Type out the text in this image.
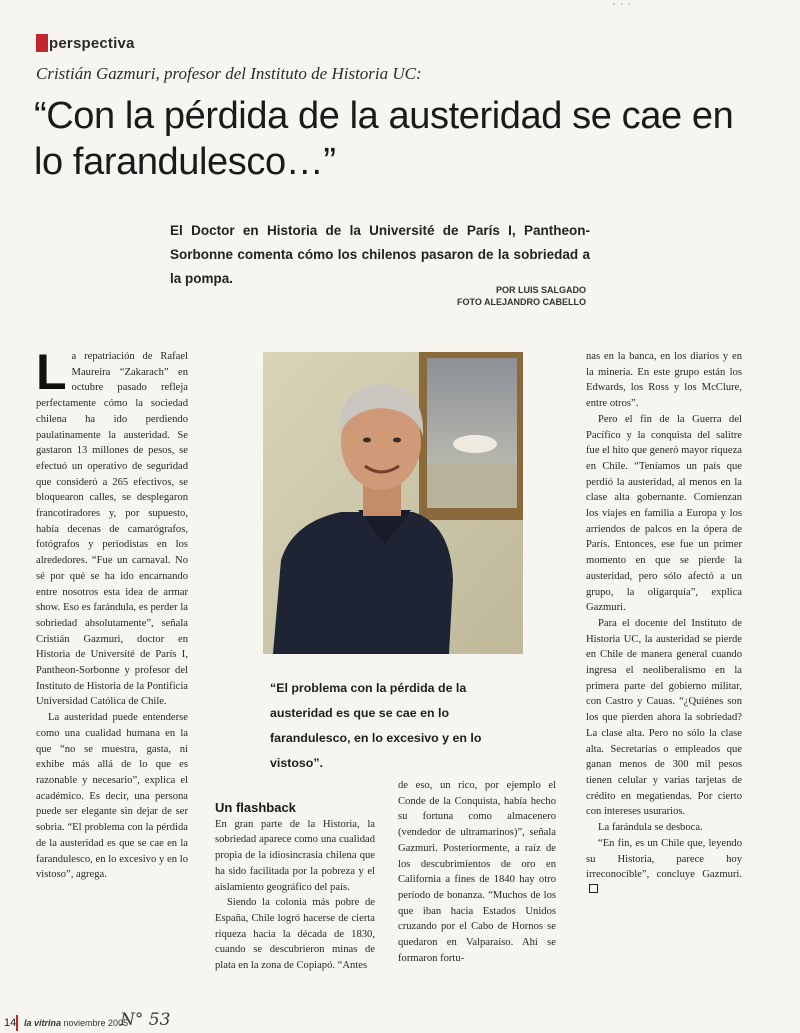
perspectiva
...
Cristián Gazmuri, profesor del Instituto de Historia UC:
“Con la pérdida de la austeridad se cae en lo farandulesco…”
El Doctor en Historia de la Université de París I, Pantheon-Sorbonne comenta cómo los chilenos pasaron de la sobriedad a la pompa.
POR LUIS SALGADO
FOTO ALEJANDRO CABELLO

La repatriación de Rafael Maureira “Zakarach” en octubre pasado refleja perfectamente cómo la sociedad chilena ha ido perdiendo paulatinamente la austeridad. Se gastaron 13 millones de pesos, se efectuó un operativo de seguridad que consideró a 265 efectivos, se bloquearon calles, se desplegaron francotiradores y, por supuesto, había decenas de camarógrafos, fotógrafos y periodistas en los alrededores. “Fue un carnaval. No sé por qué se ha ido encarnando entre nosotros esta idea de armar show. Eso es farándula, es perder la sobriedad absolutamente”, señala Cristián Gazmuri, doctor en Historia de Université de París I, Pantheon-Sorbonne y profesor del Instituto de Historia de la Pontificia Universidad Católica de Chile.

La austeridad puede entenderse como una cualidad humana en la que “no se muestra, gasta, ni exhibe más allá de lo que es razonable y necesario”, explica el académico. Es decir, una persona puede ser elegante sin dejar de ser sobria. “El problema con la pérdida de la austeridad es que se cae en la farandulesco, en lo excesivo y en lo vistoso”, agrega.

“El problema con la pérdida de la austeridad es que se cae en lo farandulesco, en lo excesivo y en lo vistoso”.
Un flashback

En gran parte de la Historia, la sobriedad aparece como una cualidad propia de la idiosincrasia chilena que ha sido facilitada por la pobreza y el aislamiento geográfico del país.

Siendo la colonia más pobre de España, Chile logró hacerse de cierta riqueza hacia la década de 1830, cuando se descubrieron minas de plata en la zona de Copiapó. “Antes

de eso, un rico, por ejemplo el Conde de la Conquista, había hecho su fortuna como almacenero (vendedor de ultramarinos)”, señala Gazmuri. Posteriormente, a raíz de los descubrimientos de oro en California a fines de 1840 hay otro período de bonanza. “Muchos de los que iban hacia Estados Unidos cruzando por el Cabo de Hornos se quedaron en Valparaíso. Ahí se formaron fortu-

nas en la banca, en los diarios y en la minería. En este grupo están los Edwards, los Ross y los McClure, entre otros”.

Pero el fin de la Guerra del Pacífico y la conquista del salitre fue el hito que generó mayor riqueza en Chile. “Teníamos un país que perdió la austeridad, al menos en la clase alta gobernante. Comienzan los viajes en familia a Europa y los arriendos de palcos en la ópera de París. Entonces, ese fue un primer momento en que se pierde la austeridad, pero sólo afectó a un grupo, la oligarquía”, explica Gazmuri.

Para el docente del Instituto de Historia UC, la austeridad se pierde en Chile de manera general cuando ingresa el neoliberalismo en la primera parte del gobierno militar, con Castro y Cauas. “¿Quiénes son los que pierden ahora la sobriedad? La clase alta. Pero no sólo la clase alta. Secretarias o empleados que ganan menos de 300 mil pesos tienen celular y varias tarjetas de crédito en megatiendas. Por cierto con intereses usurarios.

La farándula se desboca.

“En fin, es un Chile que, leyendo su Historia, parece hoy irreconocible”, concluye Gazmuri.

14 la vitrina noviembre 2005
N° 53
